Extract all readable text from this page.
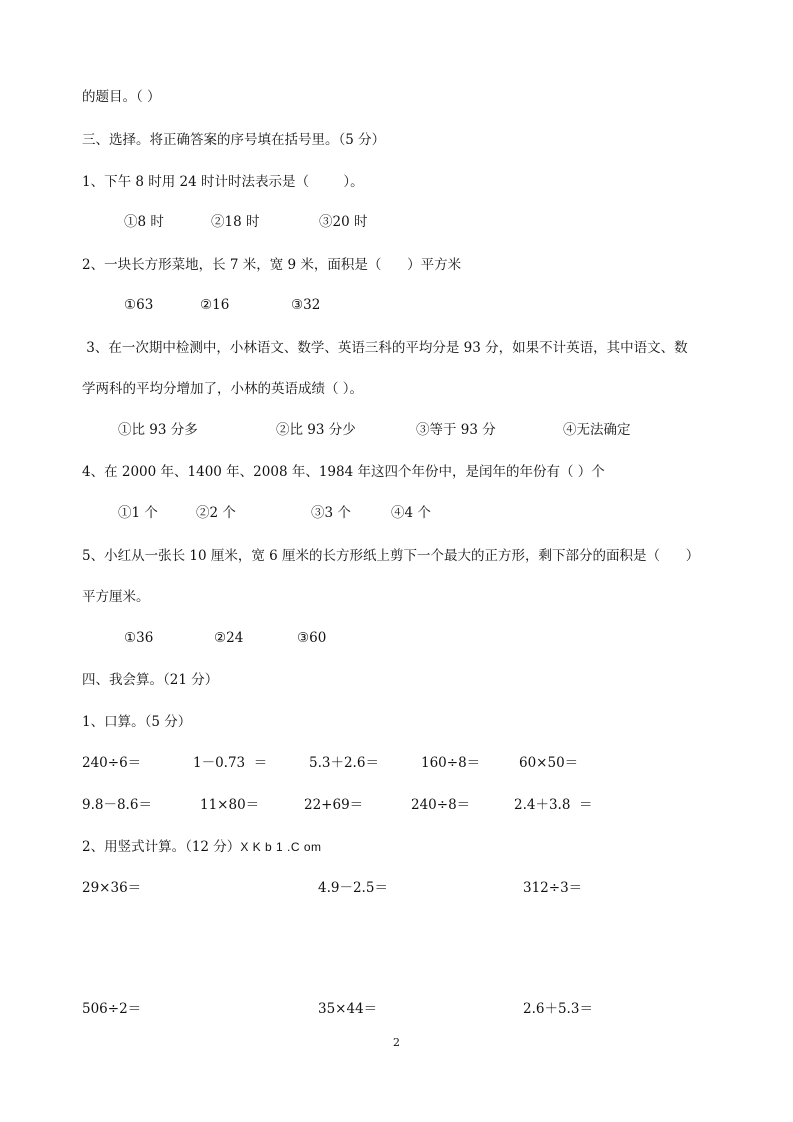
的题目。（ ）
三、选择。将正确答案的序号填在括号里。（5 分）
1、下午 8 时用 24 时计时法表示是（        ）。
①8 时	②18 时	③20 时
2、一块长方形菜地，长 7 米，宽 9 米，面积是（      ）平方米
①63	②16	③32
3、在一次期中检测中，小林语文、数学、英语三科的平均分是 93 分，如果不计英语，其中语文、数
学两科的平均分增加了，小林的英语成绩（ ）。
①比 93 分多	②比 93 分少	③等于 93 分	④无法确定
4、在 2000 年、1400 年、2008 年、1984 年这四个年份中，是闰年的年份有（ ）个
①1 个	②2 个	③3 个	④4 个
5、小红从一张长 10 厘米，宽 6 厘米的长方形纸上剪下一个最大的正方形，剩下部分的面积是（      ）
平方厘米。
①36	②24	③60
四、我会算。（21 分）
1、口算。（5 分）
240÷6＝	1－0.73  ＝	5.3＋2.6＝	160÷8＝	60×50＝
9.8－8.6＝	11×80＝	22+69＝	240÷8＝	2.4＋3.8  ＝
2、用竖式计算。（12 分）X K b 1 .C om
29×36＝	4.9－2.5＝	312÷3＝
506÷2＝	35×44＝	2.6＋5.3＝
2
